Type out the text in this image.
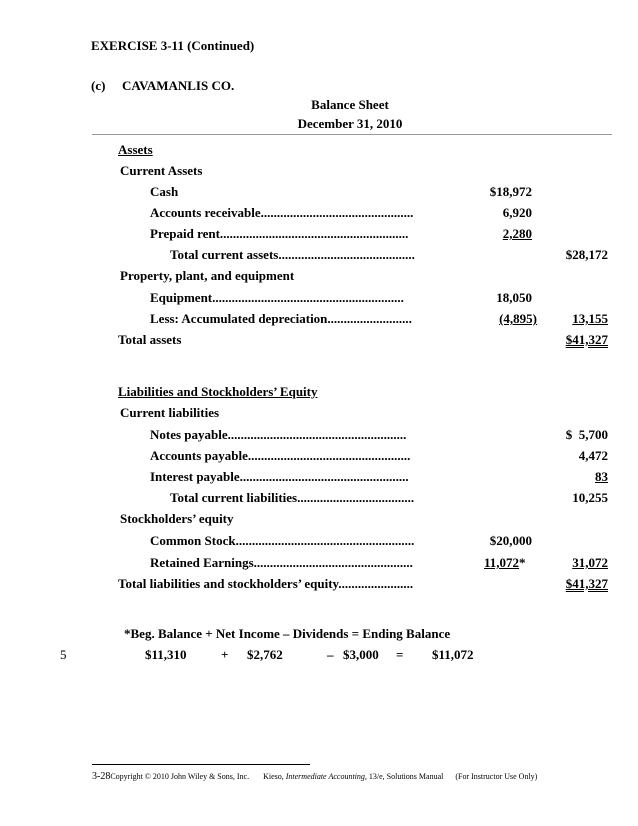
EXERCISE 3-11 (Continued)
(c) CAVAMANLIS CO.
Balance Sheet
December 31, 2010
Assets
Current Assets
Cash	$18,972
Accounts receivable...............................................	6,920
Prepaid rent..........................................................	2,280
Total current assets..........................................	$28,172
Property, plant, and equipment
Equipment...........................................................	18,050
Less: Accumulated depreciation..........................	(4,895)	13,155
Total assets	$41,327
Liabilities and Stockholders’ Equity
Current liabilities
Notes payable.......................................................	$  5,700
Accounts payable..................................................	4,472
Interest payable....................................................	83
Total current liabilities....................................	10,255
Stockholders’ equity
Common Stock.......................................................	$20,000
Retained Earnings.................................................	11,072*	31,072
Total liabilities and stockholders’ equity.......................	$41,327
*Beg. Balance + Net Income – Dividends = Ending Balance
5	$11,310	+ $2,762	– $3,000 = $11,072
3-28Copyright © 2010 John Wiley & Sons, Inc. Kieso, Intermediate Accounting, 13/e, Solutions Manual (For Instructor Use Only)
